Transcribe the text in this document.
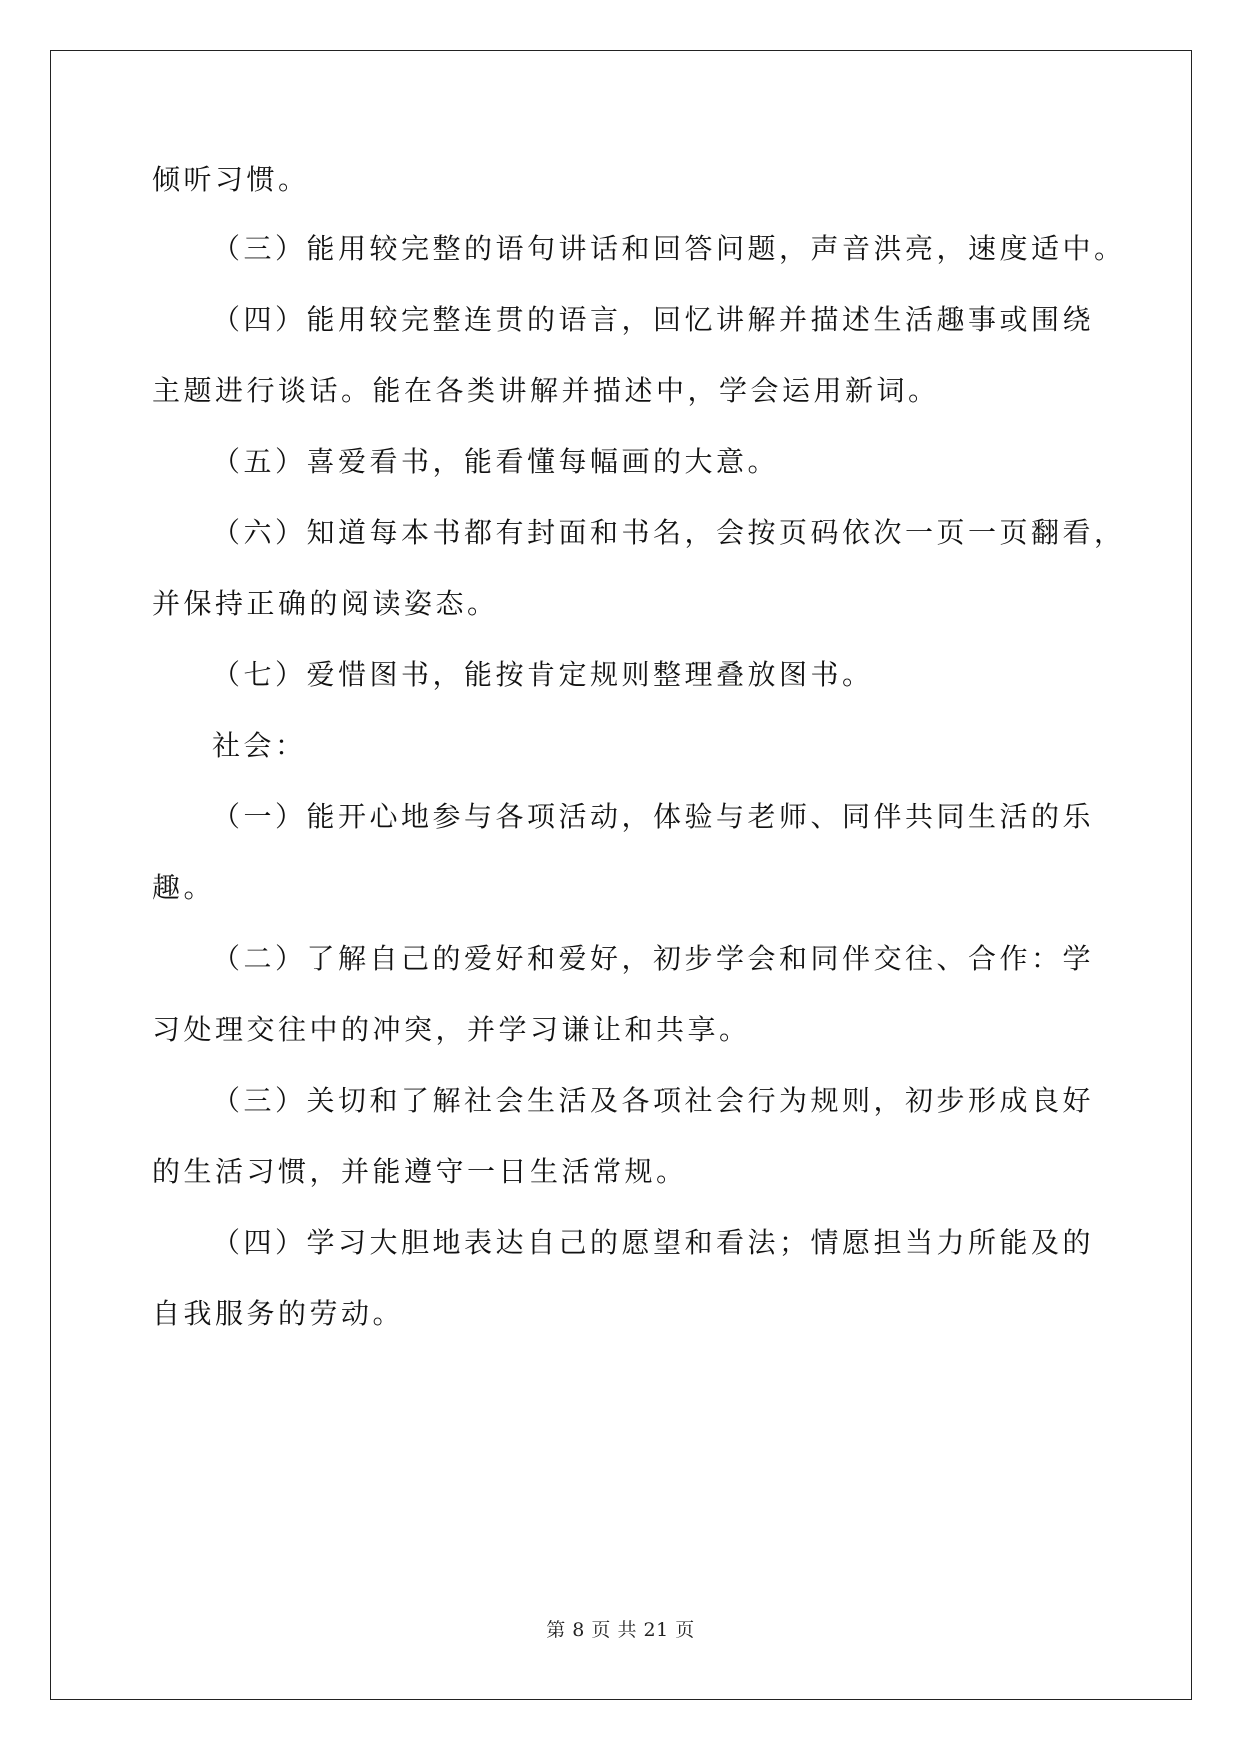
倾听习惯。
（三）能用较完整的语句讲话和回答问题，声音洪亮，速度适中。
（四）能用较完整连贯的语言，回忆讲解并描述生活趣事或围绕
主题进行谈话。能在各类讲解并描述中，学会运用新词。
（五）喜爱看书，能看懂每幅画的大意。
（六）知道每本书都有封面和书名，会按页码依次一页一页翻看，
并保持正确的阅读姿态。
（七）爱惜图书，能按肯定规则整理叠放图书。
社会：
（一）能开心地参与各项活动，体验与老师、同伴共同生活的乐
趣。
（二）了解自己的爱好和爱好，初步学会和同伴交往、合作：学
习处理交往中的冲突，并学习谦让和共享。
（三）关切和了解社会生活及各项社会行为规则，初步形成良好
的生活习惯，并能遵守一日生活常规。
（四）学习大胆地表达自己的愿望和看法；情愿担当力所能及的
自我服务的劳动。
第 8 页 共 21 页
